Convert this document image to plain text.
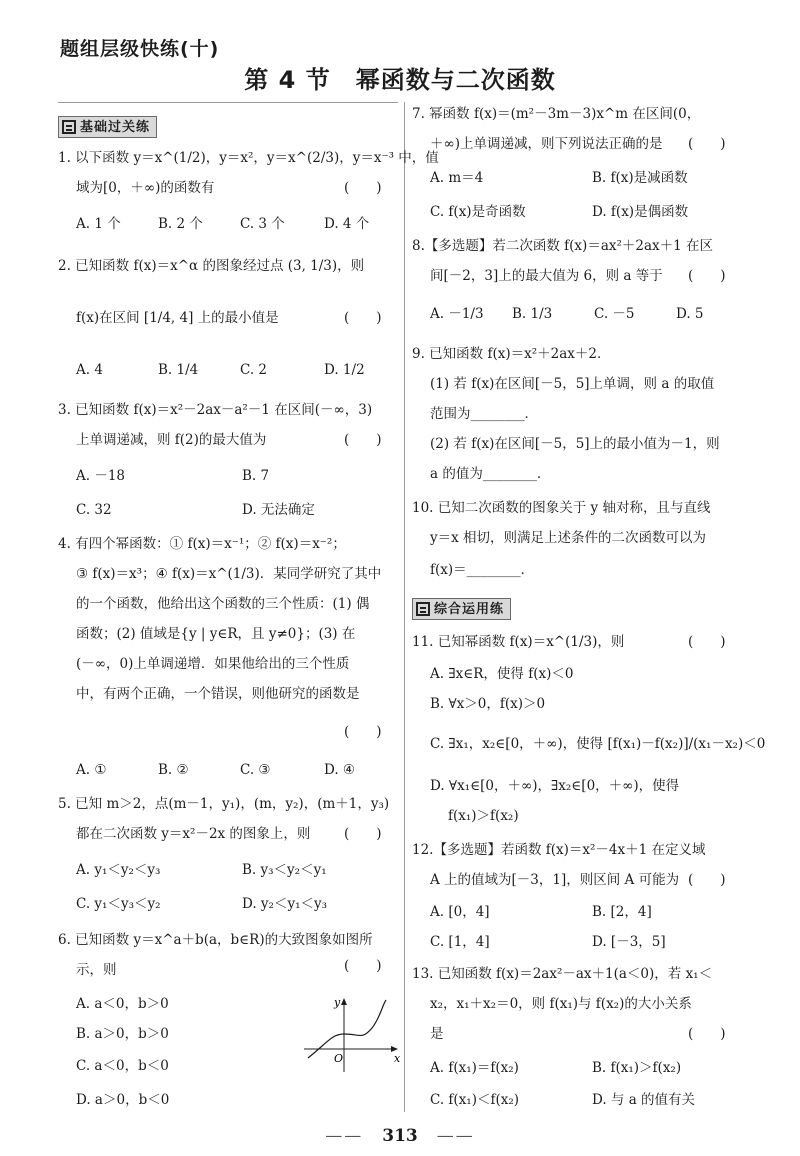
题组层级快练(十)
第 4 节　幂函数与二次函数
基础过关练
1. 以下函数 y＝x^(1/2)，y＝x²，y＝x^(2/3)，y＝x⁻³ 中，值
域为[0，＋∞)的函数有	(　　)
A. 1 个	B. 2 个	C. 3 个	D. 4 个
2. 已知函数 f(x)＝x^α 的图象经过点 (3, 1/3)，则
f(x)在区间 [1/4, 4] 上的最小值是	(　　)
A. 4	B. 1/4	C. 2	D. 1/2
3. 已知函数 f(x)＝x²－2ax－a²－1 在区间(－∞，3)
上单调递减，则 f(2)的最大值为	(　　)
A. －18	B. 7
C. 32	D. 无法确定
4. 有四个幂函数：① f(x)＝x⁻¹；② f(x)＝x⁻²；
③ f(x)＝x³；④ f(x)＝x^(1/3)．某同学研究了其中
的一个函数，他给出这个函数的三个性质：(1) 偶
函数；(2) 值域是{y | y∈R，且 y≠0}；(3) 在
(－∞，0)上单调递增．如果他给出的三个性质
中，有两个正确，一个错误，则他研究的函数是
(　　)
A. ①	B. ②	C. ③	D. ④
5. 已知 m＞2，点(m－1，y₁)，(m，y₂)，(m＋1，y₃)
都在二次函数 y＝x²－2x 的图象上，则 (　　)
A. y₁＜y₂＜y₃	B. y₃＜y₂＜y₁
C. y₁＜y₃＜y₂	D. y₂＜y₁＜y₃
6. 已知函数 y＝x^a＋b(a，b∈R)的大致图象如图所
示，则	(　　)
A. a＜0，b＞0
B. a＞0，b＞0
C. a＜0，b＜0
D. a＞0，b＜0
x
y
O
7. 幂函数 f(x)＝(m²－3m－3)x^m 在区间(0，
＋∞)上单调递减，则下列说法正确的是 (　　)
A. m＝4	B. f(x)是减函数
C. f(x)是奇函数	D. f(x)是偶函数
8.【多选题】若二次函数 f(x)＝ax²＋2ax＋1 在区
间[－2，3]上的最大值为 6，则 a 等于 (　　)
A. －1/3 B. 1/3	C. －5	D. 5
9. 已知函数 f(x)＝x²＋2ax＋2．
(1) 若 f(x)在区间[－5，5]上单调，则 a 的取值
范围为________．
(2) 若 f(x)在区间[－5，5]上的最小值为－1，则
a 的值为________．
10. 已知二次函数的图象关于 y 轴对称，且与直线
y＝x 相切，则满足上述条件的二次函数可以为
f(x)＝________．
综合运用练
11. 已知幂函数 f(x)＝x^(1/3)，则	(　　)
A. ∃x∈R，使得 f(x)＜0
B. ∀x＞0，f(x)＞0
C. ∃x₁，x₂∈[0，＋∞)，使得 [f(x₁)－f(x₂)]/(x₁－x₂)＜0
D. ∀x₁∈[0，＋∞)，∃x₂∈[0，＋∞)，使得
f(x₁)＞f(x₂)
12.【多选题】若函数 f(x)＝x²－4x＋1 在定义域
A 上的值域为[－3，1]，则区间 A 可能为 (　　)
A. [0，4]	B. [2，4]
C. [1，4]	D. [－3，5]
13. 已知函数 f(x)＝2ax²－ax＋1(a＜0)，若 x₁＜
x₂，x₁＋x₂＝0，则 f(x₁)与 f(x₂)的大小关系
是	(　　)
A. f(x₁)＝f(x₂)	B. f(x₁)＞f(x₂)
C. f(x₁)＜f(x₂)	D. 与 a 的值有关
——　313　——
